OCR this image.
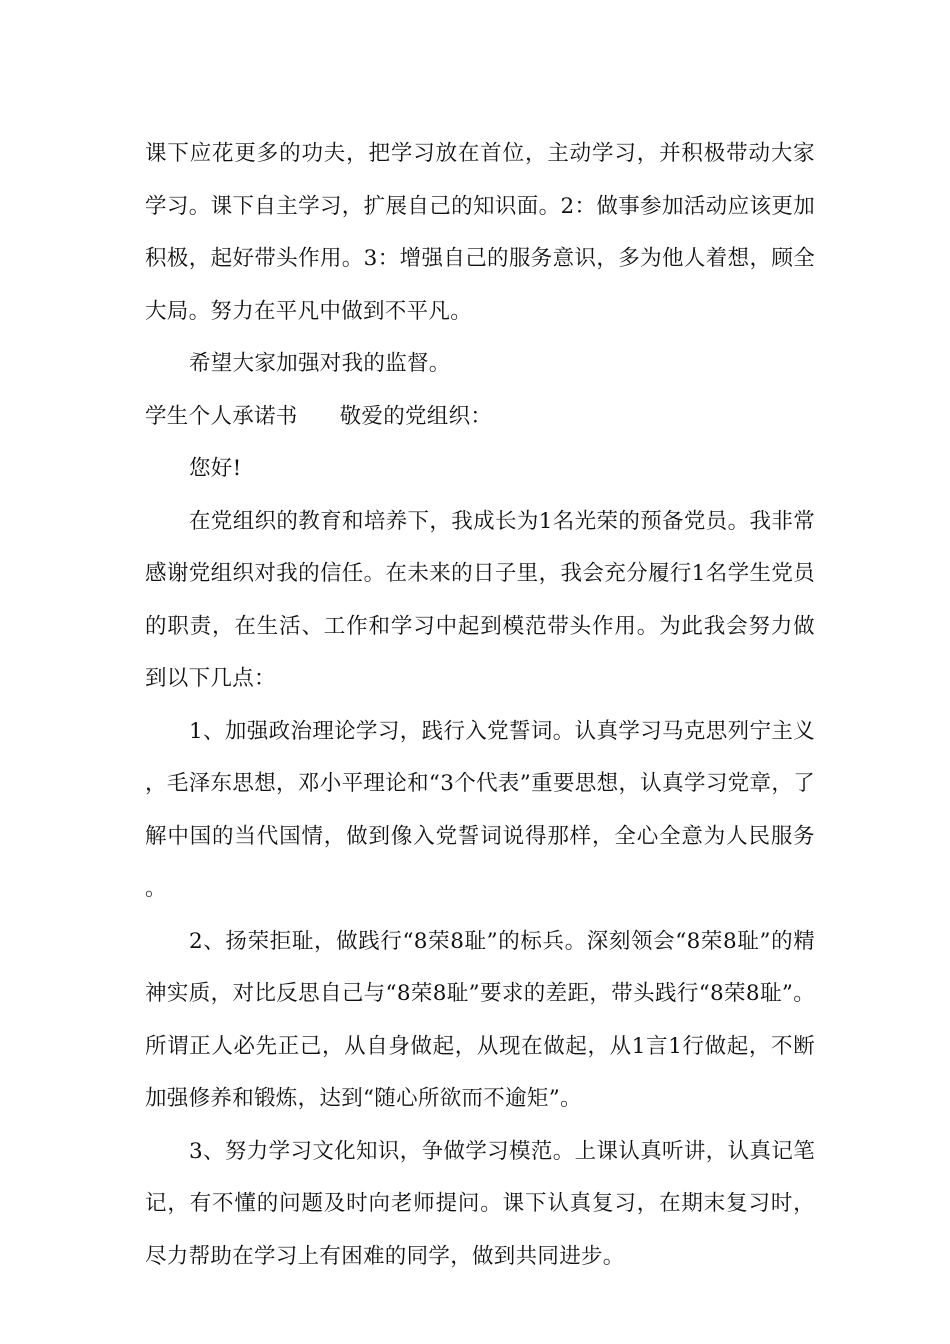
课下应花更多的功夫，把学习放在首位，主动学习，并积极带动大家学习。课下自主学习，扩展自己的知识面。2：做事参加活动应该更加积极，起好带头作用。3：增强自己的服务意识，多为他人着想，顾全大局。努力在平凡中做到不平凡。

希望大家加强对我的监督。

学生个人承诺书 敬爱的党组织：

您好!

在党组织的教育和培养下，我成长为1名光荣的预备党员。我非常感谢党组织对我的信任。在未来的日子里，我会充分履行1名学生党员的职责，在生活、工作和学习中起到模范带头作用。为此我会努力做到以下几点：

1、加强政治理论学习，践行入党誓词。认真学习马克思列宁主义，毛泽东思想，邓小平理论和“3个代表”重要思想，认真学习党章，了解中国的当代国情，做到像入党誓词说得那样，全心全意为人民服务。

2、扬荣拒耻，做践行“8荣8耻”的标兵。深刻领会“8荣8耻”的精神实质，对比反思自己与“8荣8耻”要求的差距，带头践行“8荣8耻”。所谓正人必先正己，从自身做起，从现在做起，从1言1行做起，不断加强修养和锻炼，达到“随心所欲而不逾矩”。

3、努力学习文化知识，争做学习模范。上课认真听讲，认真记笔记，有不懂的问题及时向老师提问。课下认真复习，在期末复习时，尽力帮助在学习上有困难的同学，做到共同进步。
